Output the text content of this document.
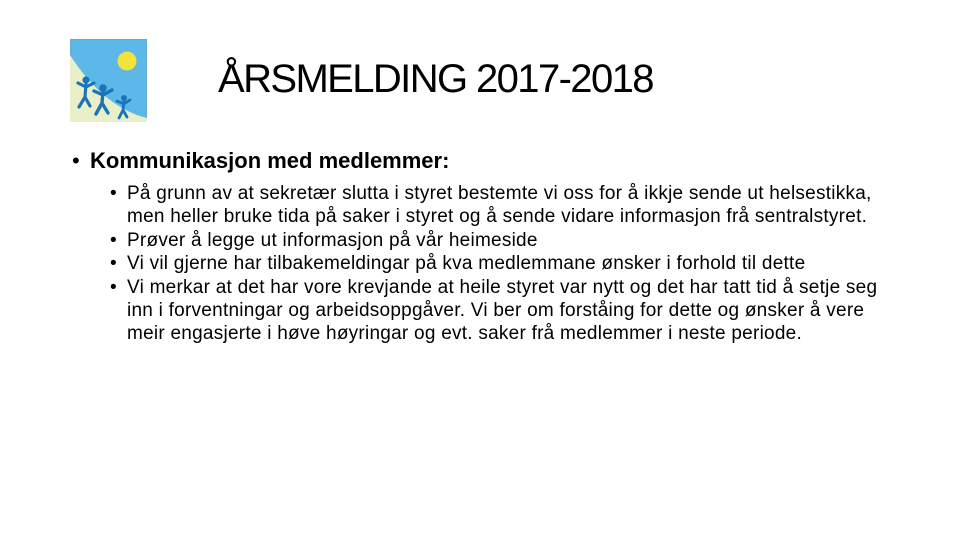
ÅRSMELDING 2017-2018
• Kommunikasjon med medlemmer:
• På grunn av at sekretær slutta i styret bestemte vi oss for å ikkje sende ut helsestikka, men heller bruke tida på saker i styret og å sende vidare informasjon frå sentralstyret.
• Prøver å legge ut informasjon på vår heimeside
• Vi vil gjerne har tilbakemeldingar på kva medlemmane ønsker i forhold til dette
• Vi merkar at det har vore krevjande at heile styret var nytt og det har tatt tid å setje seg inn i forventningar og arbeidsoppgåver. Vi ber om forståing for dette og ønsker å vere meir engasjerte i høve høyringar og evt. saker frå medlemmer i neste periode.
